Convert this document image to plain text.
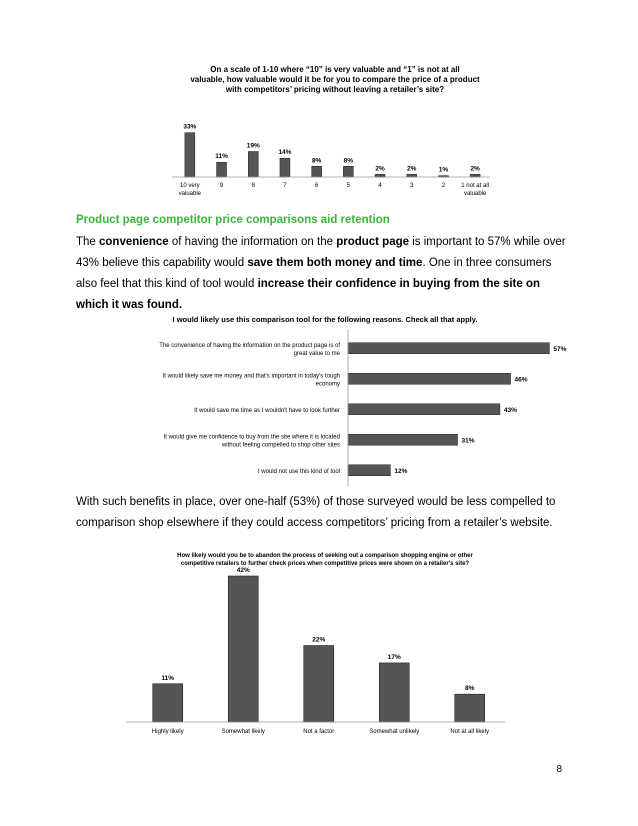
On a scale of 1-10 where “10” is very valuable and “1” is not at all
valuable, how valuable would it be for you to compare the price of a product
with competitors’ pricing without leaving a retailer’s site?
33%
10 very
valuable
11%
9
19%
8
14%
7
8%
6
8%
5
2%
4
2%
3
1%
2
2%
1 not at all
valuable
Product page competitor price comparisons aid retention
The convenience of having the information on the product page is important to 57% while over 43% believe this capability would save them both money and time. One in three consumers also feel that this kind of tool would increase their confidence in buying from the site on which it was found.
I would likely use this comparison tool for the following reasons. Check all that apply.
57%
The convenience of having the information on the product page is of
great value to me
46%
It would likely save me money and that's important in today's tough
economy
43%
It would save me time as I wouldn't have to look further
31%
It would give me confidence to buy from the site where it is located
without feeling compelled to shop other sites
12%
I would not use this kind of tool
With such benefits in place, over one-half (53%) of those surveyed would be less compelled to comparison shop elsewhere if they could access competitors’ pricing from a retailer’s website.
How likely would you be to abandon the process of seeking out a comparison shopping engine or other
competitive retailers to further check prices when competitive prices were shown on a retailer's site?
11%
Highly likely
42%
Somewhat likely
22%
Not a factor
17%
Somewhat unlikely
8%
Not at all likely
8
